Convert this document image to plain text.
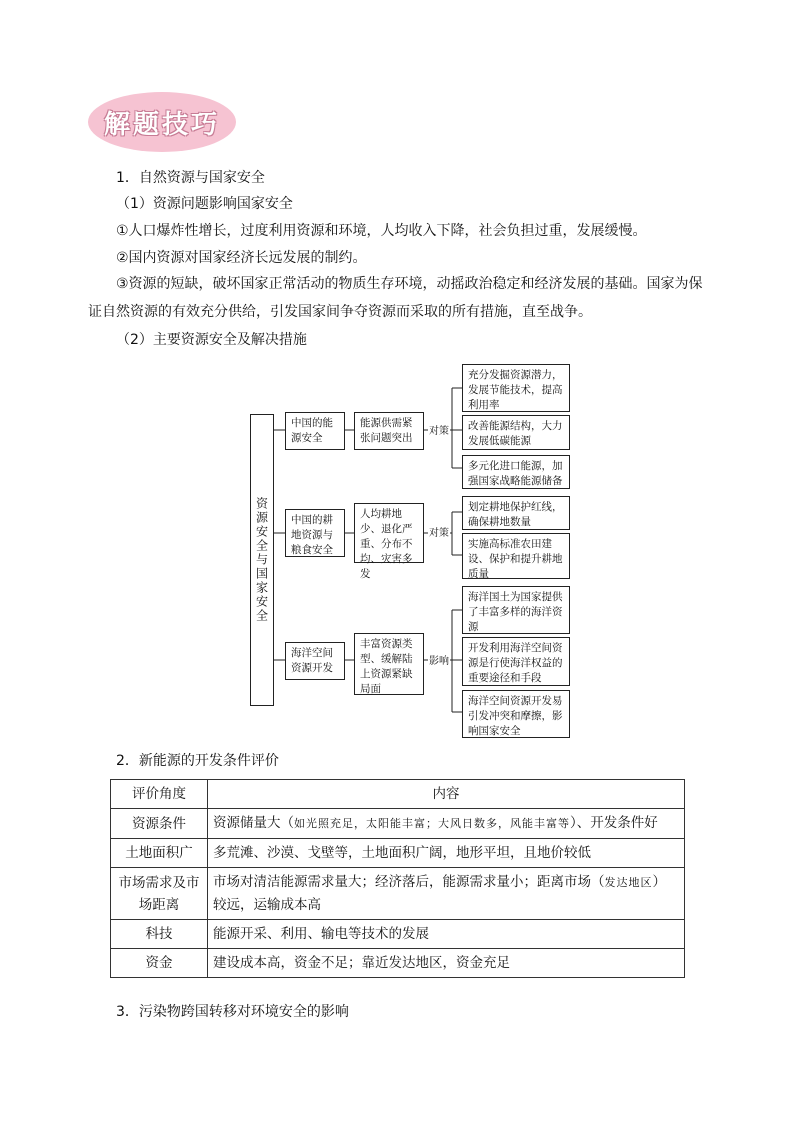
解题技巧
1．自然资源与国家安全
（1）资源问题影响国家安全
①人口爆炸性增长，过度利用资源和环境，人均收入下降，社会负担过重，发展缓慢。
②国内资源对国家经济长远发展的制约。
③资源的短缺，破坏国家正常活动的物质生存环境，动摇政治稳定和经济发展的基础。国家为保证自然资源的有效充分供给，引发国家间争夺资源而采取的所有措施，直至战争。
（2）主要资源安全及解决措施
资源安全与国家安全
中国的能源安全
能源供需紧张问题突出
对策
充分发掘资源潜力，发展节能技术，提高利用率
改善能源结构，大力发展低碳能源
多元化进口能源，加强国家战略能源储备
中国的耕地资源与粮食安全
人均耕地少、退化严重、分布不均、灾害多发
对策
划定耕地保护红线，确保耕地数量
实施高标准农田建设、保护和提升耕地质量
海洋空间资源开发
丰富资源类型、缓解陆上资源紧缺局面
影响
海洋国土为国家提供了丰富多样的海洋资源
开发利用海洋空间资源是行使海洋权益的重要途径和手段
海洋空间资源开发易引发冲突和摩擦，影响国家安全
2．新能源的开发条件评价
评价角度	内容
资源条件	资源储量大（如光照充足，太阳能丰富；大风日数多，风能丰富等）、开发条件好
土地面积广	多荒滩、沙漠、戈壁等，土地面积广阔，地形平坦，且地价较低
市场需求及市场距离	市场对清洁能源需求量大；经济落后，能源需求量小；距离市场（发达地区）较远，运输成本高
科技	能源开采、利用、输电等技术的发展
资金	建设成本高，资金不足；靠近发达地区，资金充足
3．污染物跨国转移对环境安全的影响
